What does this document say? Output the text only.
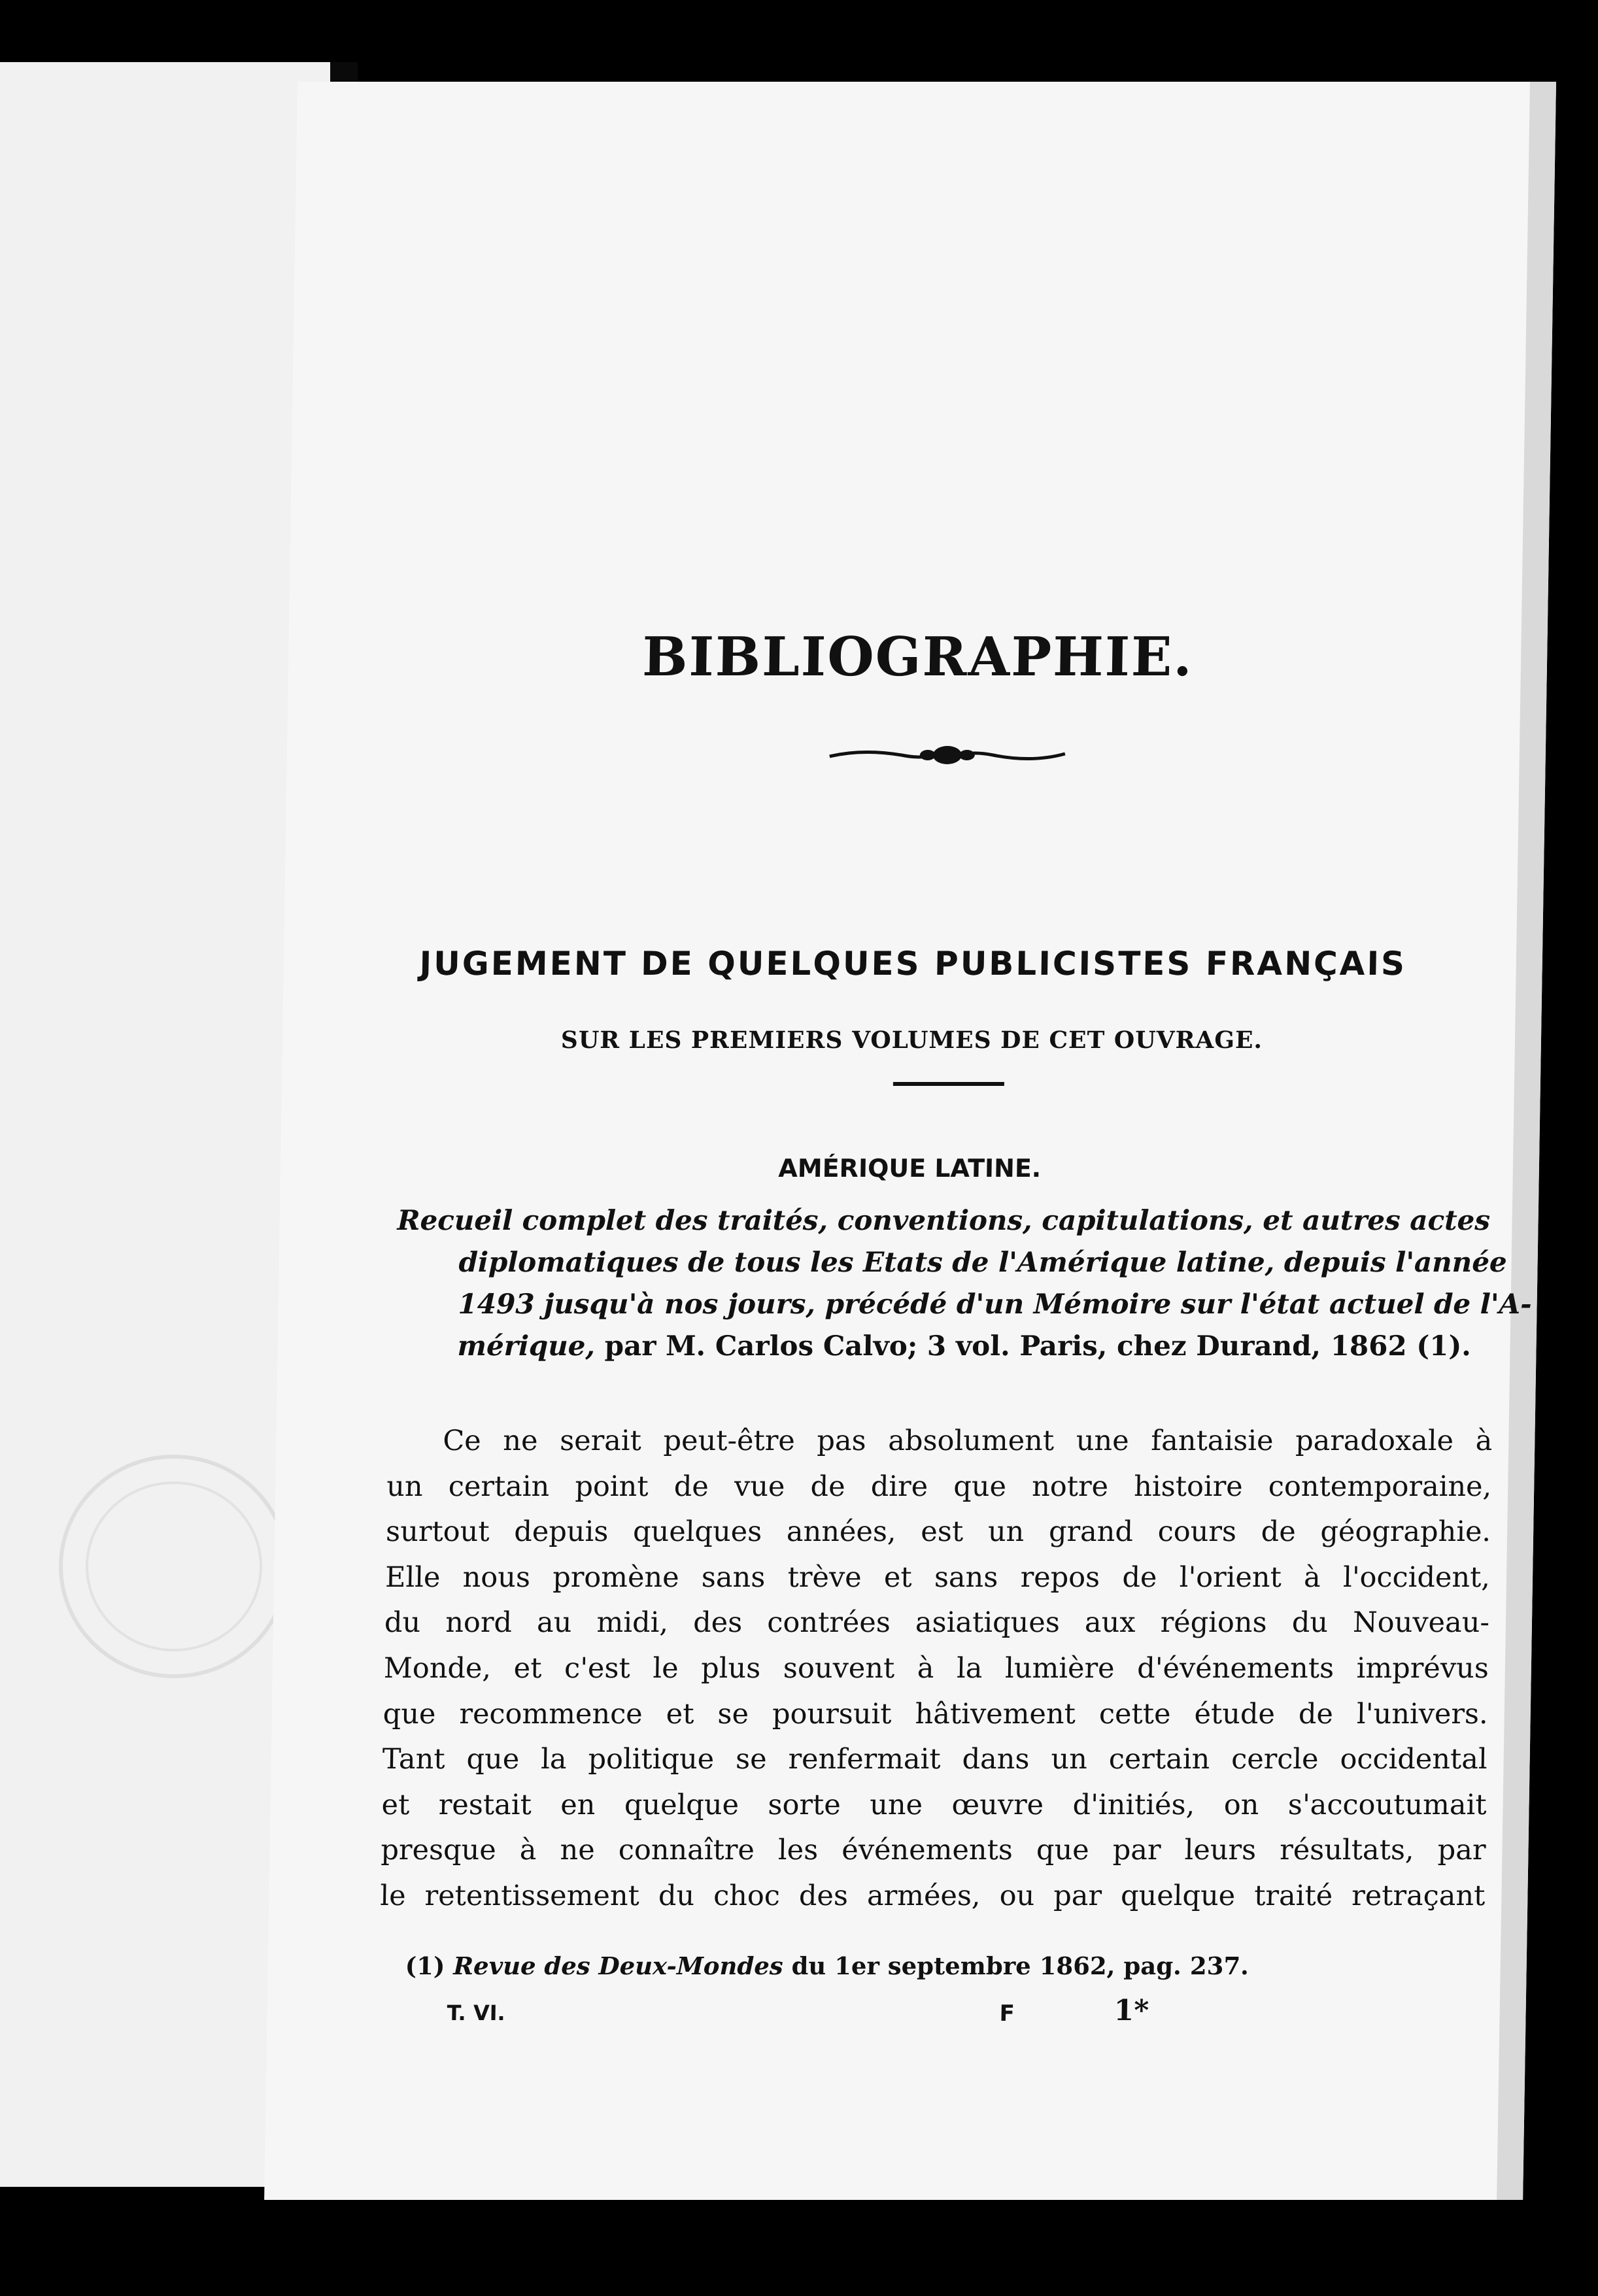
BIBLIOGRAPHIE.
JUGEMENT DE QUELQUES PUBLICISTES FRANÇAIS
SUR LES PREMIERS VOLUMES DE CET OUVRAGE.
AMÉRIQUE LATINE.
Recueil complet des traités, conventions, capitulations, et autres actes
diplomatiques de tous les Etats de l'Amérique latine, depuis l'année
1493 jusqu'à nos jours, précédé d'un Mémoire sur l'état actuel de l'A-
mérique, par M. Carlos Calvo; 3 vol. Paris, chez Durand, 1862 (1).
Ce ne serait peut-être pas absolument une fantaisie paradoxale à
un certain point de vue de dire que notre histoire contemporaine,
surtout depuis quelques années, est un grand cours de géographie.
Elle nous promène sans trève et sans repos de l'orient à l'occident,
du nord au midi, des contrées asiatiques aux régions du Nouveau-
Monde, et c'est le plus souvent à la lumière d'événements imprévus
que recommence et se poursuit hâtivement cette étude de l'univers.
Tant que la politique se renfermait dans un certain cercle occidental
et restait en quelque sorte une œuvre d'initiés, on s'accoutumait
presque à ne connaître les événements que par leurs résultats, par
le retentissement du choc des armées, ou par quelque traité retraçant
(1) Revue des Deux-Mondes du 1er septembre 1862, pag. 237.
T. VI.	F	1*
